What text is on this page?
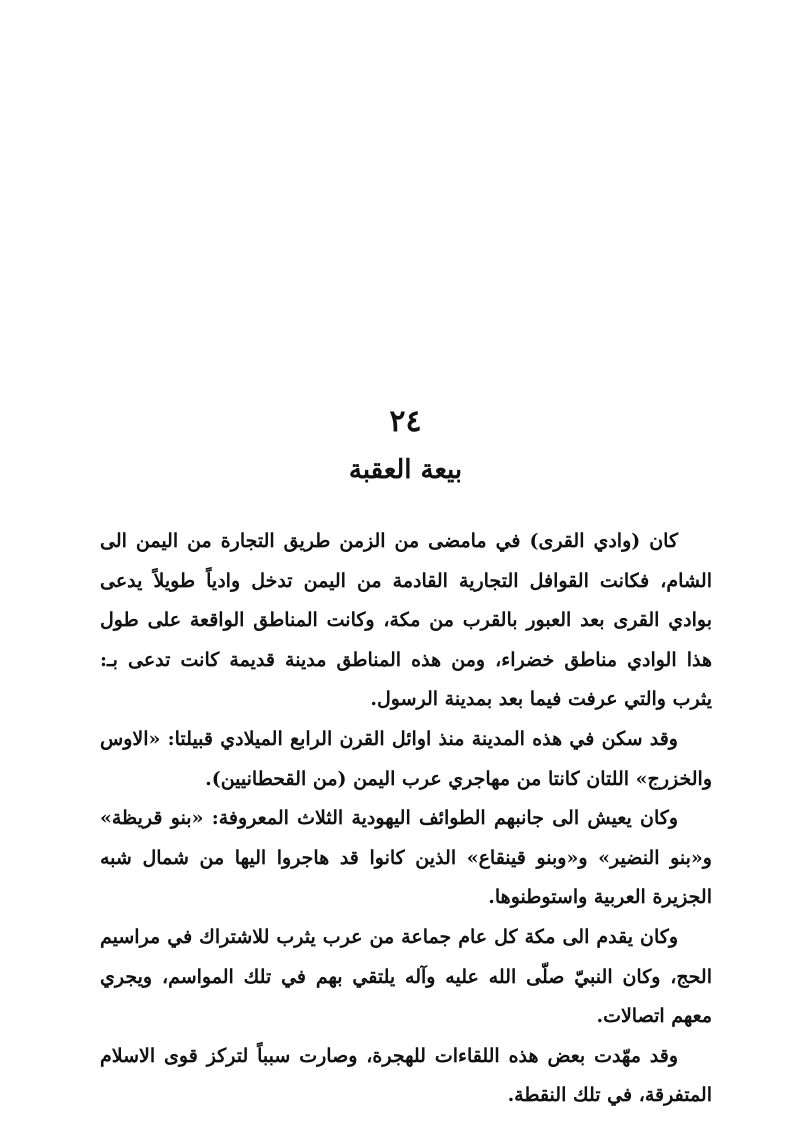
٢٤
بيعة العقبة

كان (وادي القرى) في مامضى من الزمن طريق التجارة من اليمن الى الشام، فكانت القوافل التجارية القادمة من اليمن تدخل وادياً طويلاً يدعى بوادي القرى بعد العبور بالقرب من مكة، وكانت المناطق الواقعة على طول هذا الوادي مناطق خضراء، ومن هذه المناطق مدينة قديمة كانت تدعى بـ: يثرب والتي عرفت فيما بعد بمدينة الرسول.

وقد سكن في هذه المدينة منذ اوائل القرن الرابع الميلادي قبيلتا: «الاوس والخزرج» اللتان كانتا من مهاجري عرب اليمن (من القحطانيين).

وكان يعيش الى جانبهم الطوائف اليهودية الثلاث المعروفة: «بنو قريظة» و«بنو النضير» و«وبنو قينقاع» الذين كانوا قد هاجروا اليها من شمال شبه الجزيرة العربية واستوطنوها.

وكان يقدم الى مكة كل عام جماعة من عرب يثرب للاشتراك في مراسيم الحج، وكان النبيّ صلّى الله عليه وآله يلتقي بهم في تلك المواسم، ويجري معهم اتصالات.

وقد مهّدت بعض هذه اللقاءات للهجرة، وصارت سبباً لتركز قوى الاسلام المتفرقة، في تلك النقطة.
